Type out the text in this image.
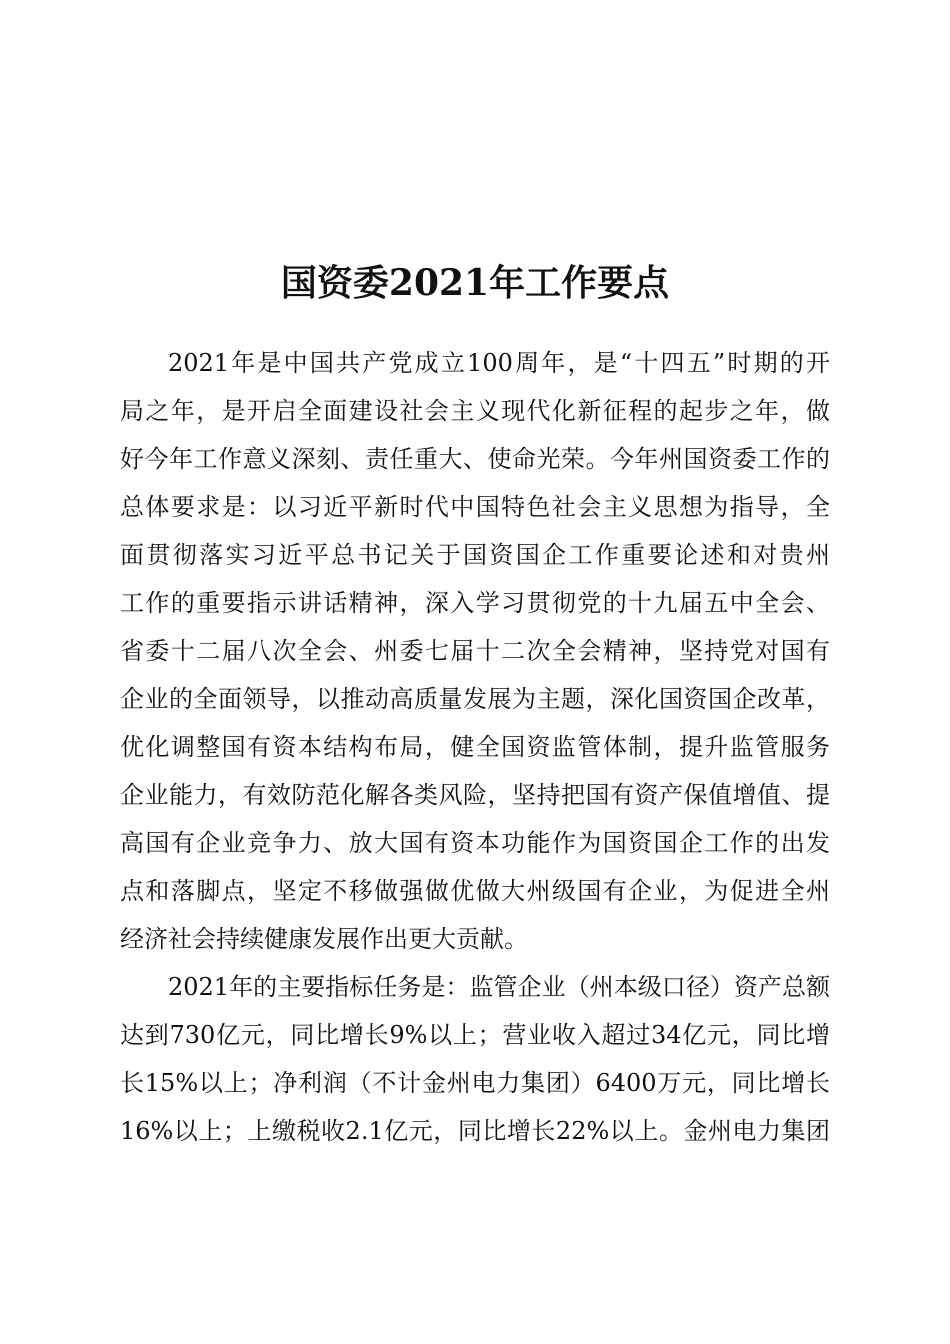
国资委2021年工作要点
2021年是中国共产党成立100周年，是“十四五”时期的开
局之年，是开启全面建设社会主义现代化新征程的起步之年，做
好今年工作意义深刻、责任重大、使命光荣。今年州国资委工作的
总体要求是：以习近平新时代中国特色社会主义思想为指导，全
面贯彻落实习近平总书记关于国资国企工作重要论述和对贵州
工作的重要指示讲话精神，深入学习贯彻党的十九届五中全会、
省委十二届八次全会、州委七届十二次全会精神，坚持党对国有
企业的全面领导，以推动高质量发展为主题，深化国资国企改革，
优化调整国有资本结构布局，健全国资监管体制，提升监管服务
企业能力，有效防范化解各类风险，坚持把国有资产保值增值、提
高国有企业竞争力、放大国有资本功能作为国资国企工作的出发
点和落脚点，坚定不移做强做优做大州级国有企业，为促进全州
经济社会持续健康发展作出更大贡献。
2021年的主要指标任务是：监管企业（州本级口径）资产总额
达到730亿元，同比增长9%以上；营业收入超过34亿元，同比增
长15%以上；净利润（不计金州电力集团）6400万元，同比增长
16%以上；上缴税收2.1亿元，同比增长22%以上。金州电力集团
